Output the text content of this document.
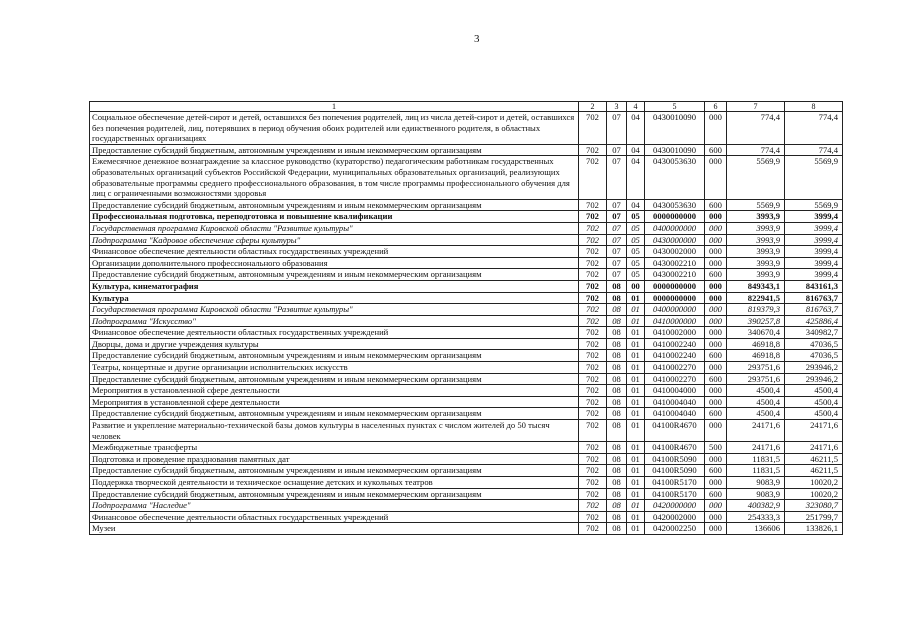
3
1	2	3	4	5	6	7	8
Социальное обеспечение детей-сирот и детей, оставшихся без попечения родителей, лиц из числа детей-сирот и детей, оставшихся без попечения родителей, лиц, потерявших в период обучения обоих родителей или единственного родителя, в областных государственных организациях	702	07	04	0430010090	000	774,4	774,4
Предоставление субсидий бюджетным, автономным учреждениям и иным некоммерческим организациям	702	07	04	0430010090	600	774,4	774,4
Ежемесячное денежное вознаграждение за классное руководство (кураторство) педагогическим работникам государственных образовательных организаций субъектов Российской Федерации, муниципальных образовательных организаций, реализующих образовательные программы среднего профессионального образования, в том числе программы профессионального обучения для лиц с ограниченными возможностями здоровья	702	07	04	0430053630	000	5569,9	5569,9
Предоставление субсидий бюджетным, автономным учреждениям и иным некоммерческим организациям	702	07	04	0430053630	600	5569,9	5569,9
Профессиональная подготовка, переподготовка и повышение квалификации	702	07	05	0000000000	000	3993,9	3999,4
Государственная программа Кировской области "Развитие культуры"	702	07	05	0400000000	000	3993,9	3999,4
Подпрограмма "Кадровое обеспечение сферы культуры"	702	07	05	0430000000	000	3993,9	3999,4
Финансовое обеспечение деятельности областных государственных учреждений	702	07	05	0430002000	000	3993,9	3999,4
Организации дополнительного профессионального образования	702	07	05	0430002210	000	3993,9	3999,4
Предоставление субсидий бюджетным, автономным учреждениям и иным некоммерческим организациям	702	07	05	0430002210	600	3993,9	3999,4
Культура, кинематография	702	08	00	0000000000	000	849343,1	843161,3
Культура	702	08	01	0000000000	000	822941,5	816763,7
Государственная программа Кировской области "Развитие культуры"	702	08	01	0400000000	000	819379,3	816763,7
Подпрограмма "Искусство"	702	08	01	0410000000	000	390257,8	425886,4
Финансовое обеспечение деятельности областных государственных учреждений	702	08	01	0410002000	000	340670,4	340982,7
Дворцы, дома и другие учреждения культуры	702	08	01	0410002240	000	46918,8	47036,5
Предоставление субсидий бюджетным, автономным учреждениям и иным некоммерческим организациям	702	08	01	0410002240	600	46918,8	47036,5
Театры, концертные и другие организации исполнительских искусств	702	08	01	0410002270	000	293751,6	293946,2
Предоставление субсидий бюджетным, автономным учреждениям и иным некоммерческим организациям	702	08	01	0410002270	600	293751,6	293946,2
Мероприятия в установленной сфере деятельности	702	08	01	0410004000	000	4500,4	4500,4
Мероприятия в установленной сфере деятельности	702	08	01	0410004040	000	4500,4	4500,4
Предоставление субсидий бюджетным, автономным учреждениям и иным некоммерческим организациям	702	08	01	0410004040	600	4500,4	4500,4
Развитие и укрепление материально-технической базы домов культуры в населенных пунктах с числом жителей до 50 тысяч человек	702	08	01	04100R4670	000	24171,6	24171,6
Межбюджетные трансферты	702	08	01	04100R4670	500	24171,6	24171,6
Подготовка и проведение празднования памятных дат	702	08	01	04100R5090	000	11831,5	46211,5
Предоставление субсидий бюджетным, автономным учреждениям и иным некоммерческим организациям	702	08	01	04100R5090	600	11831,5	46211,5
Поддержка творческой деятельности и техническое оснащение детских и кукольных театров	702	08	01	04100R5170	000	9083,9	10020,2
Предоставление субсидий бюджетным, автономным учреждениям и иным некоммерческим организациям	702	08	01	04100R5170	600	9083,9	10020,2
Подпрограмма "Наследие"	702	08	01	0420000000	000	400382,9	323080,7
Финансовое обеспечение деятельности областных государственных учреждений	702	08	01	0420002000	000	254333,3	251799,7
Музеи	702	08	01	0420002250	000	136606	133826,1
